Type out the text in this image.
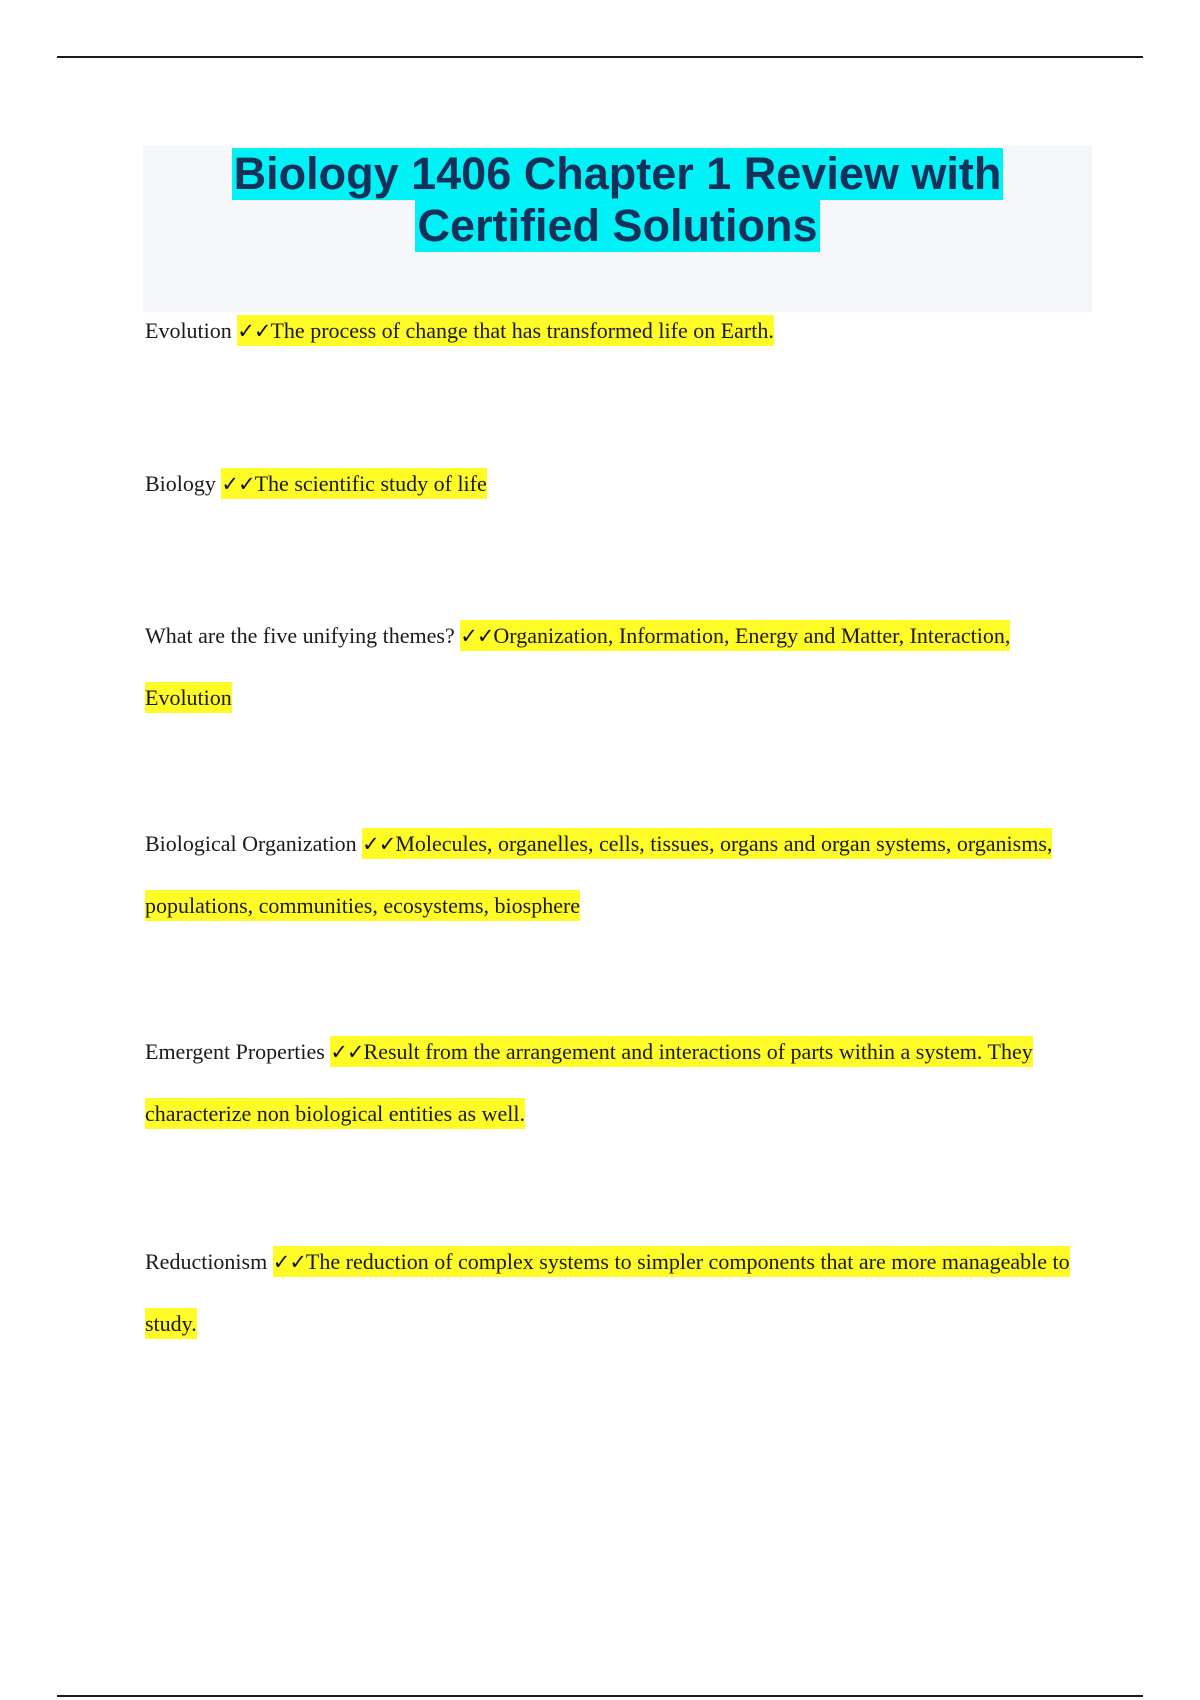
Biology 1406 Chapter 1 Review with
Certified Solutions
Evolution ✓✓The process of change that has transformed life on Earth.
Biology ✓✓The scientific study of life
What are the five unifying themes? ✓✓Organization, Information, Energy and Matter, Interaction, Evolution
Biological Organization ✓✓Molecules, organelles, cells, tissues, organs and organ systems, organisms, populations, communities, ecosystems, biosphere
Emergent Properties ✓✓Result from the arrangement and interactions of parts within a system. They characterize non biological entities as well.
Reductionism ✓✓The reduction of complex systems to simpler components that are more manageable to study.
